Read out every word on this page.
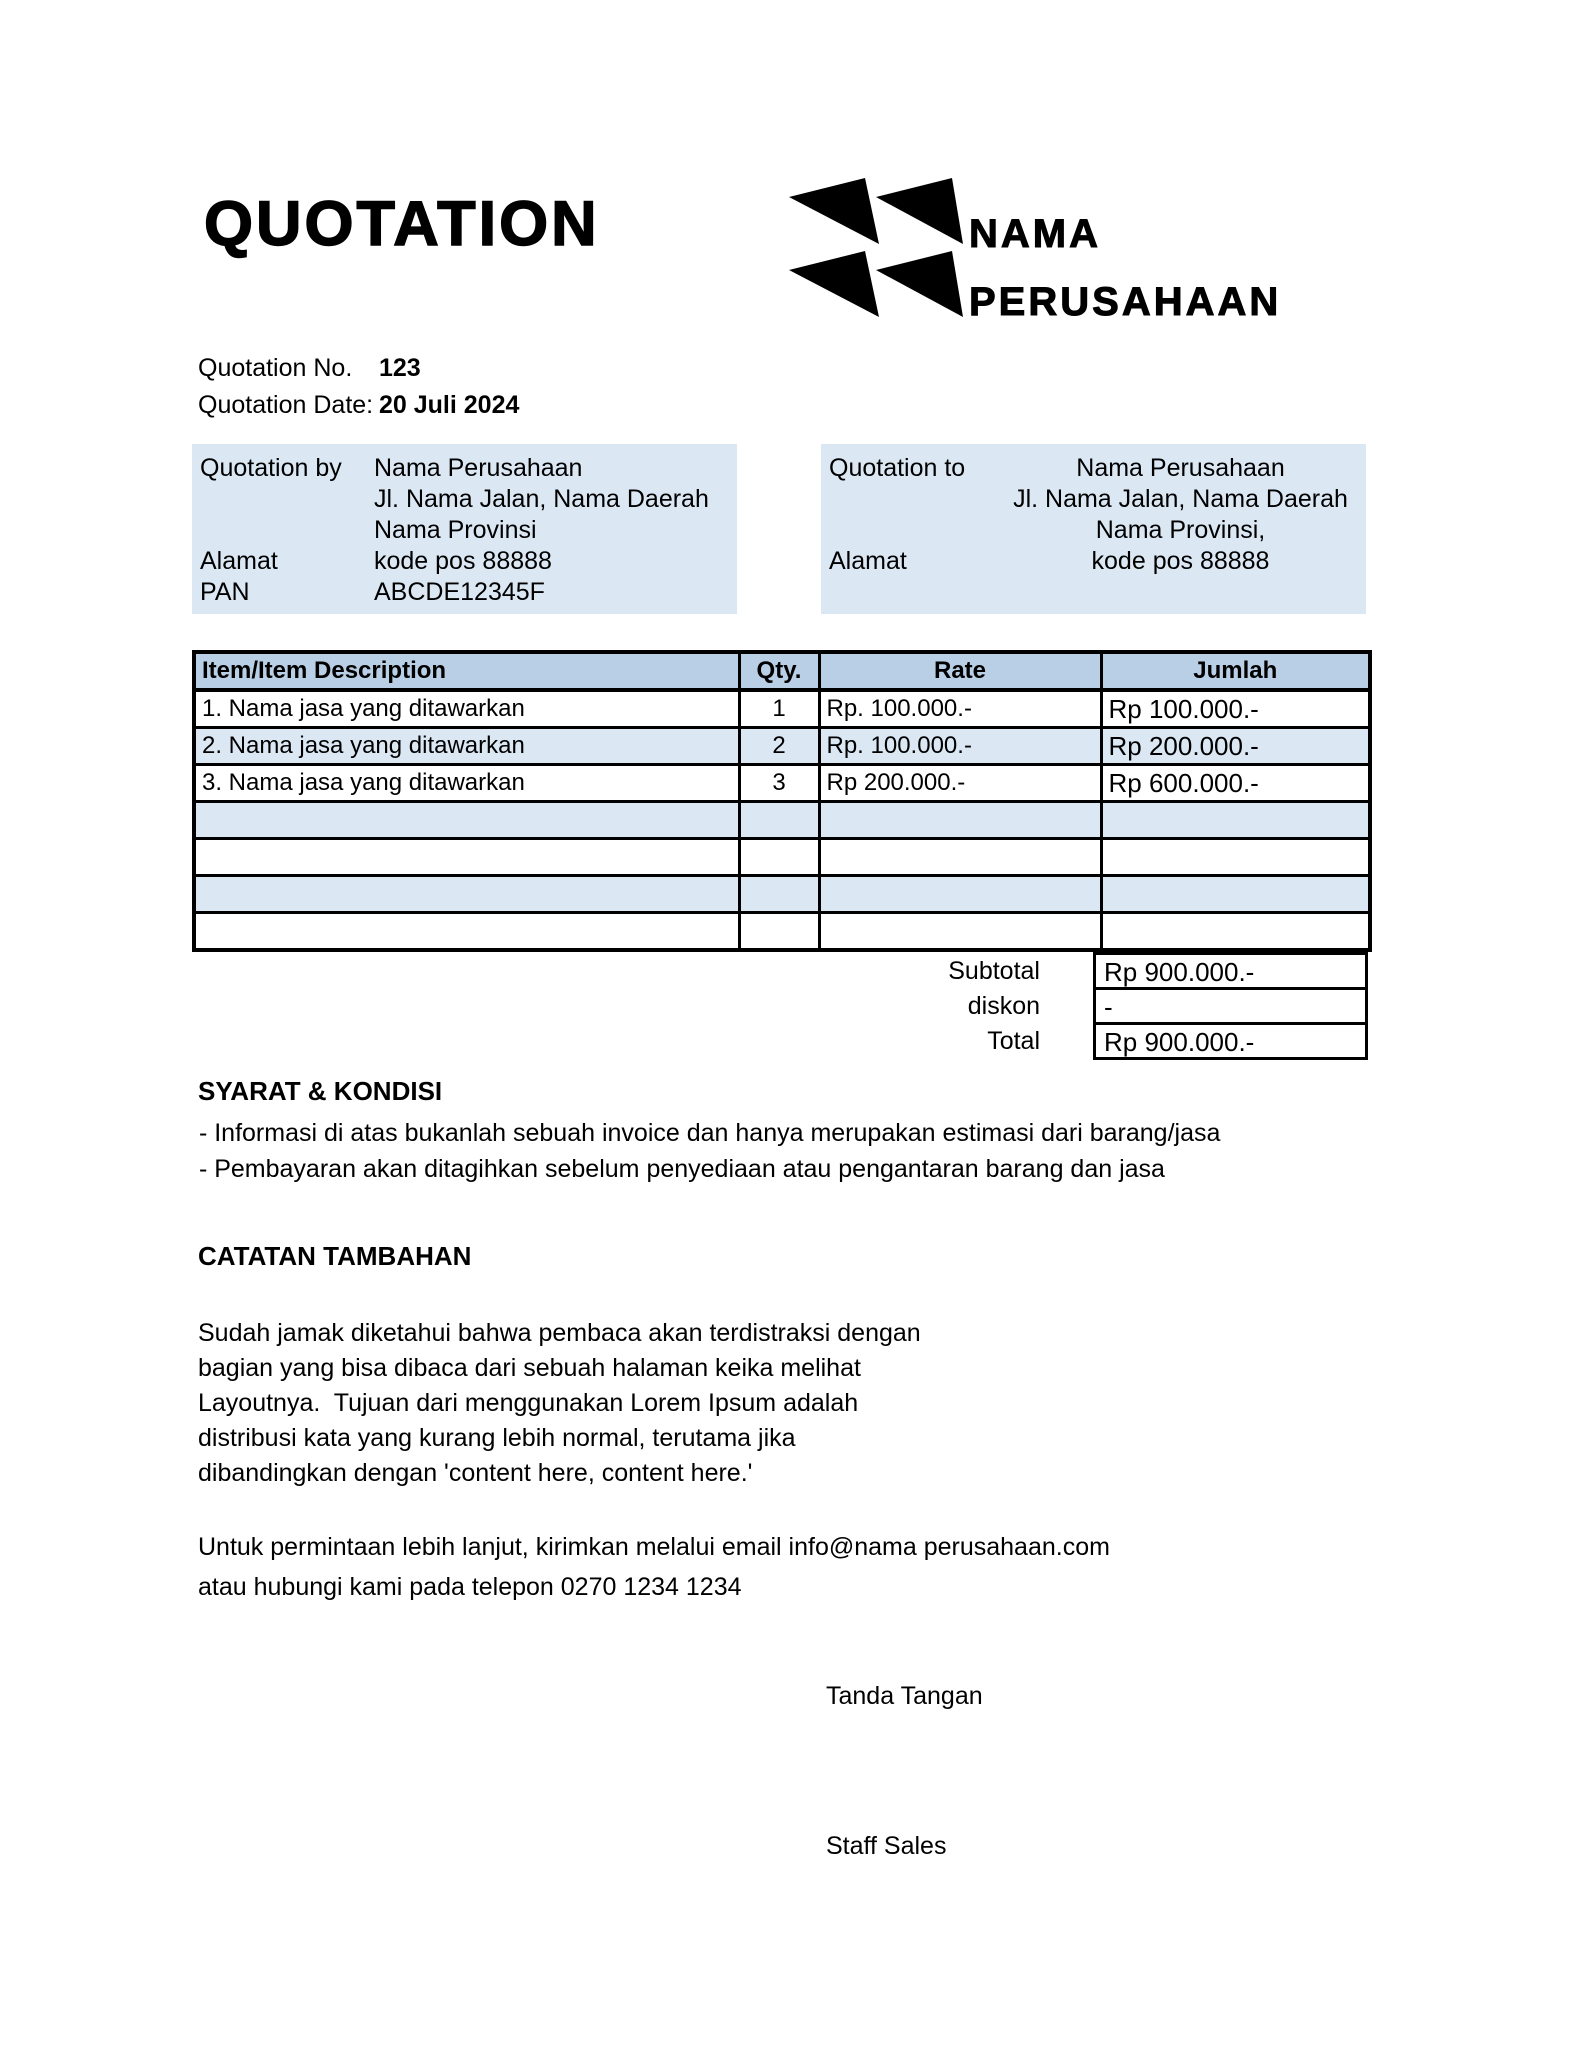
QUOTATION	NAMA
PERUSAHAAN
Quotation No.	123
Quotation Date: 20 Juli 2024
Quotation by	Nama Perusahaan
Jl. Nama Jalan, Nama Daerah
Nama Provinsi
Alamat	kode pos 88888
PAN	ABCDE12345F
Quotation to	Nama Perusahaan
Jl. Nama Jalan, Nama Daerah
Nama Provinsi,
Alamat	kode pos 88888
Item/Item Description	Qty.	Rate	Jumlah
1. Nama jasa yang ditawarkan	1	Rp. 100.000.-	Rp 100.000.-
2. Nama jasa yang ditawarkan	2	Rp. 100.000.-	Rp 200.000.-
3. Nama jasa yang ditawarkan	3	Rp 200.000.-	Rp 600.000.-

Subtotal	Rp 900.000.-
diskon	-
Total	Rp 900.000.-
SYARAT & KONDISI
- Informasi di atas bukanlah sebuah invoice dan hanya merupakan estimasi dari barang/jasa
- Pembayaran akan ditagihkan sebelum penyediaan atau pengantaran barang dan jasa
CATATAN TAMBAHAN
Sudah jamak diketahui bahwa pembaca akan terdistraksi dengan
bagian yang bisa dibaca dari sebuah halaman keika melihat
Layoutnya.  Tujuan dari menggunakan Lorem Ipsum adalah
distribusi kata yang kurang lebih normal, terutama jika
dibandingkan dengan 'content here, content here.'
Untuk permintaan lebih lanjut, kirimkan melalui email info@nama perusahaan.com
atau hubungi kami pada telepon 0270 1234 1234
Tanda Tangan
Staff Sales
